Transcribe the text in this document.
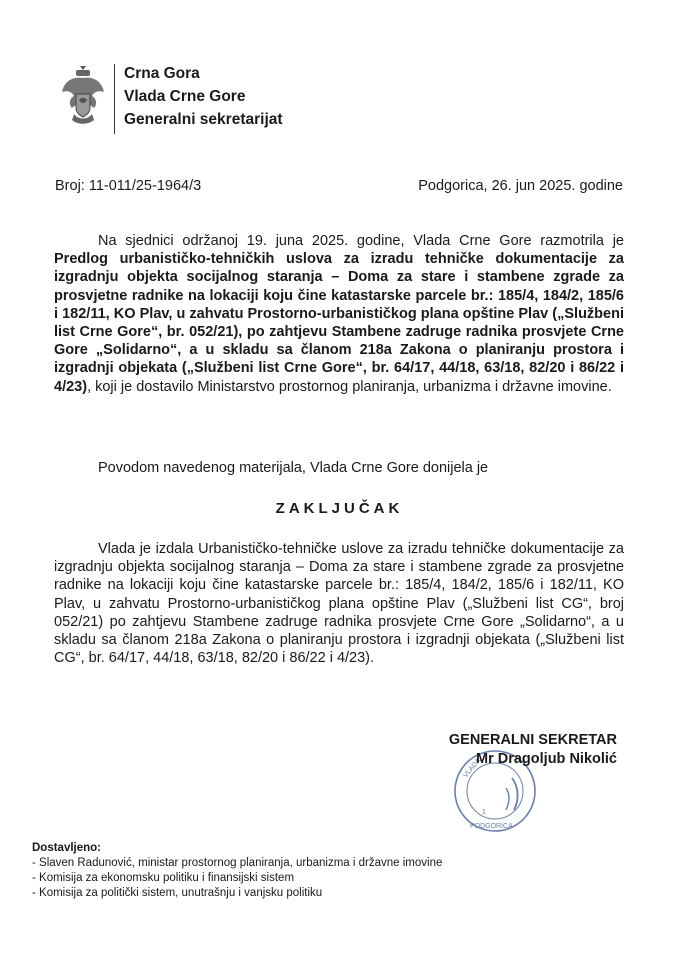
Crna Gora
Vlada Crne Gore
Generalni sekretarijat
Broj: 11-011/25-1964/3	Podgorica, 26. jun 2025. godine

Na sjednici održanoj 19. juna 2025. godine, Vlada Crne Gore razmotrila je Predlog urbanističko-tehničkih uslova za izradu tehničke dokumentacije za izgradnju objekta socijalnog staranja – Doma za stare i stambene zgrade za prosvjetne radnike na lokaciji koju čine katastarske parcele br.: 185/4, 184/2, 185/6 i 182/11, KO Plav, u zahvatu Prostorno-urbanističkog plana opštine Plav („Službeni list Crne Gore“, br. 052/21), po zahtjevu Stambene zadruge radnika prosvjete Crne Gore „Solidarno“, a u skladu sa članom 218a Zakona o planiranju prostora i izgradnji objekata („Službeni list Crne Gore“, br. 64/17, 44/18, 63/18, 82/20 i 86/22 i 4/23), koji je dostavilo Ministarstvo prostornog planiranja, urbanizma i državne imovine.

Povodom navedenog materijala, Vlada Crne Gore donijela je
ZAKLJUČAK
Vlada je izdala Urbanističko-tehničke uslove za izradu tehničke dokumentacije za izgradnju objekta socijalnog staranja – Doma za stare i stambene zgrade za prosvjetne radnike na lokaciji koju čine katastarske parcele br.: 185/4, 184/2, 185/6 i 182/11, KO Plav, u zahvatu Prostorno-urbanističkog plana opštine Plav („Službeni list CG“, broj 052/21) po zahtjevu Stambene zadruge radnika prosvjete Crne Gore „Solidarno“, a u skladu sa članom 218a Zakona o planiranju prostora i izgradnji objekata („Službeni list CG“, br. 64/17, 44/18, 63/18, 82/20 i 86/22 i 4/23).
VLADA
1
PODGORICA
GENERALNI SEKRETAR
Mr Dragoljub Nikolić
Dostavljeno:
- Slaven Radunović, ministar prostornog planiranja, urbanizma i državne imovine
- Komisija za ekonomsku politiku i finansijski sistem
- Komisija za politički sistem, unutrašnju i vanjsku politiku
